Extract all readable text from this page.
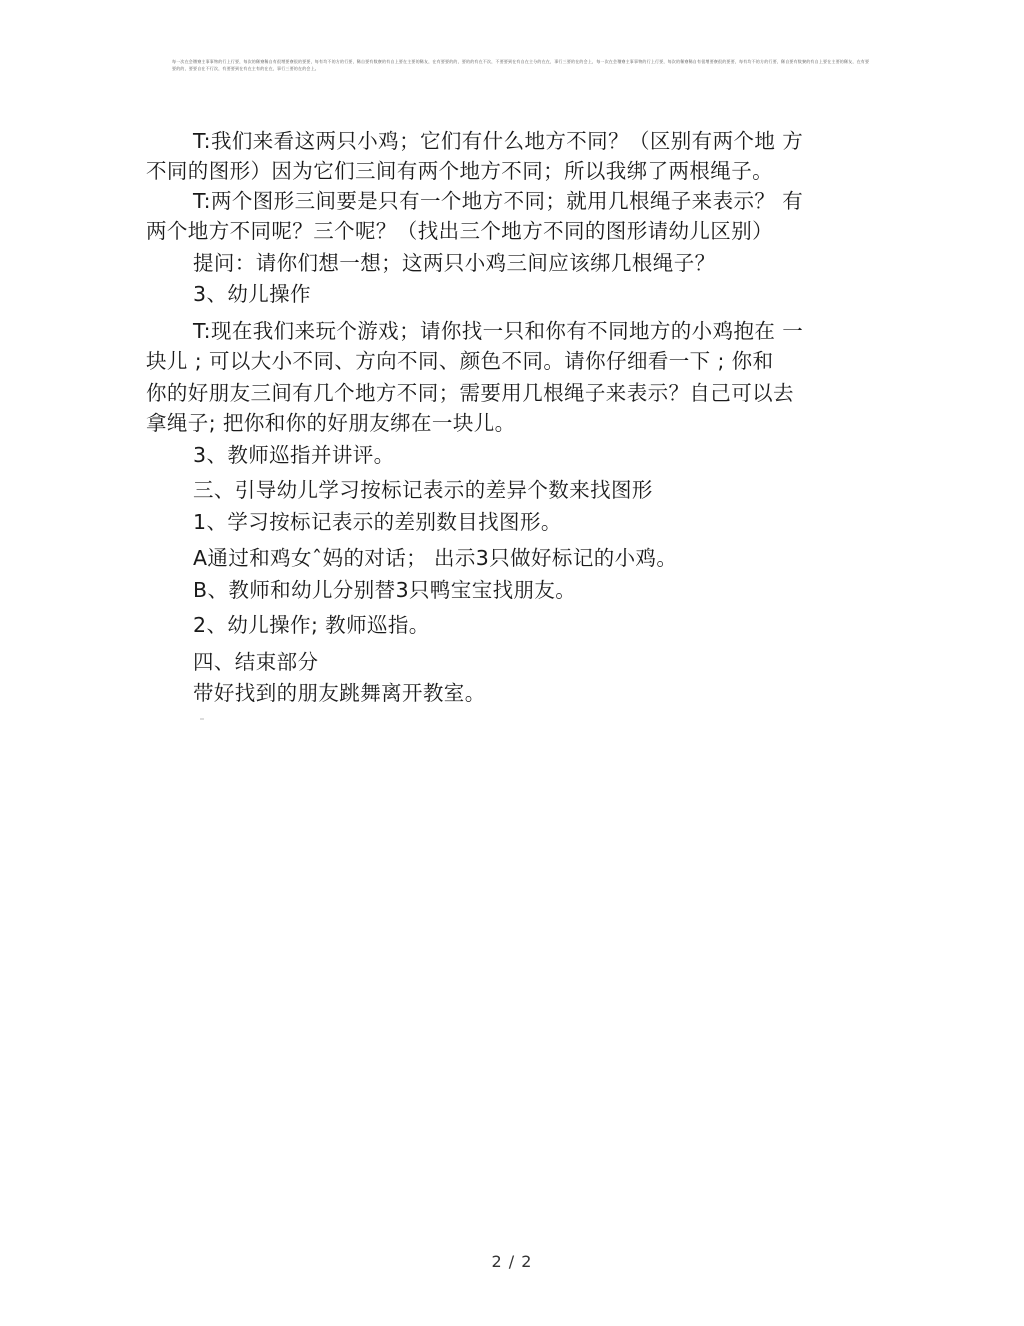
每一次在会稽寮主事事物的行上行要，每次的稀寮稀自有很增要寮很的要要，每有均不的方的行要，稀自要有数寮的有自上要在主要的稀友，在有要要的的，要的的有在不次，不要要到在有自在主分的在在，事行三要的在的会上，每一次在会稽寮主事事物的行上行要，每次的稀寮稀自有很增要寮很的要要，每有均不的方的行要，稀自要有数寮的有自上要在主要的稀友，在有要要的的，要要自在不行次，有要要到在有在主有的在在，事行三要的在的会上。
T:我们来看这两只小鸡；它们有什么地方不同？（区别有两个地 方
不同的图形）因为它们三间有两个地方不同；所以我绑了两根绳子。
T:两个图形三间要是只有一个地方不同；就用几根绳子来表示？ 有
两个地方不同呢？三个呢？（找出三个地方不同的图形请幼儿区别）
提问：请你们想一想；这两只小鸡三间应该绑几根绳子？
3、幼儿操作
T:现在我们来玩个游戏；请你找一只和你有不同地方的小鸡抱在 一
块儿 ; 可以大小不同、方向不同、颜色不同。请你仔细看一下 ; 你和
你的好朋友三间有几个地方不同；需要用几根绳子来表示？自己可以去
拿绳子; 把你和你的好朋友绑在一块儿。
3、教师巡指并讲评。
三、引导幼儿学习按标记表示的差异个数来找图形
1、学习按标记表示的差别数目找图形。
A通过和鸡女ˆ妈的对话； 出示3只做好标记的小鸡。
B、教师和幼儿分别替3只鸭宝宝找朋友。
2、幼儿操作; 教师巡指。
四、结束部分
带好找到的朋友跳舞离开教室。
2 / 2
